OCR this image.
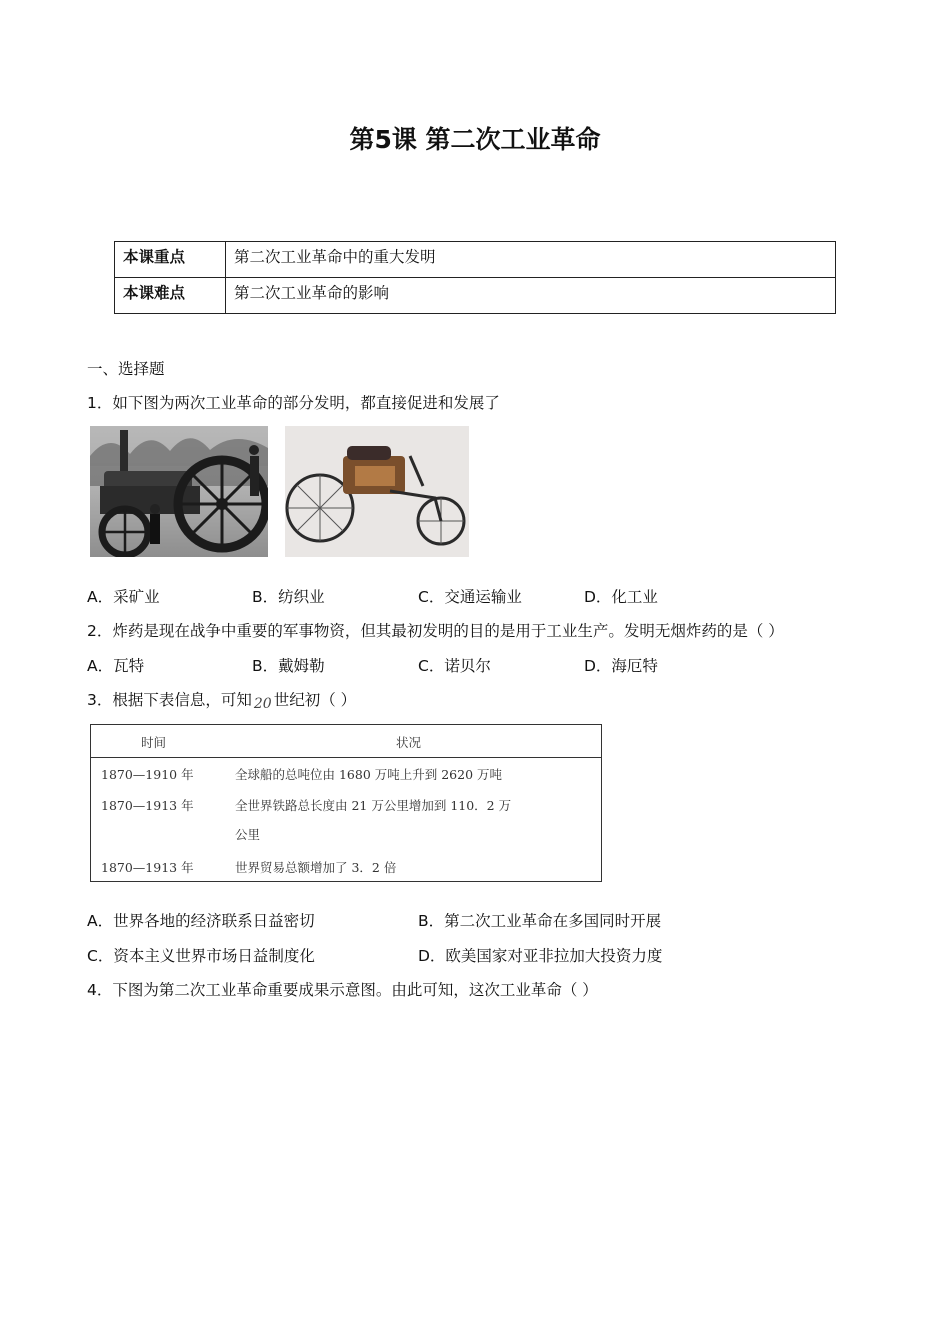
第5课 第二次工业革命
本课重点	第二次工业革命中的重大发明
本课难点	第二次工业革命的影响
一、选择题
1．如下图为两次工业革命的部分发明，都直接促进和发展了
A．采矿业	B．纺织业	C．交通运输业	D．化工业
2．炸药是现在战争中重要的军事物资，但其最初发明的目的是用于工业生产。发明无烟炸药的是（ ）
A．瓦特	B．戴姆勒	C．诺贝尔	D．海厄特
3．根据下表信息，可知 20 世纪初（ ）
时间	状况
1870—1910 年	全球船的总吨位由 1680 万吨上升到 2620 万吨
1870—1913 年	全世界铁路总长度由 21 万公里增加到 110．2 万
公里
1870—1913 年	世界贸易总额增加了 3．2 倍
A．世界各地的经济联系日益密切	B．第二次工业革命在多国同时开展
C．资本主义世界市场日益制度化	D．欧美国家对亚非拉加大投资力度
4．下图为第二次工业革命重要成果示意图。由此可知，这次工业革命（ ）
